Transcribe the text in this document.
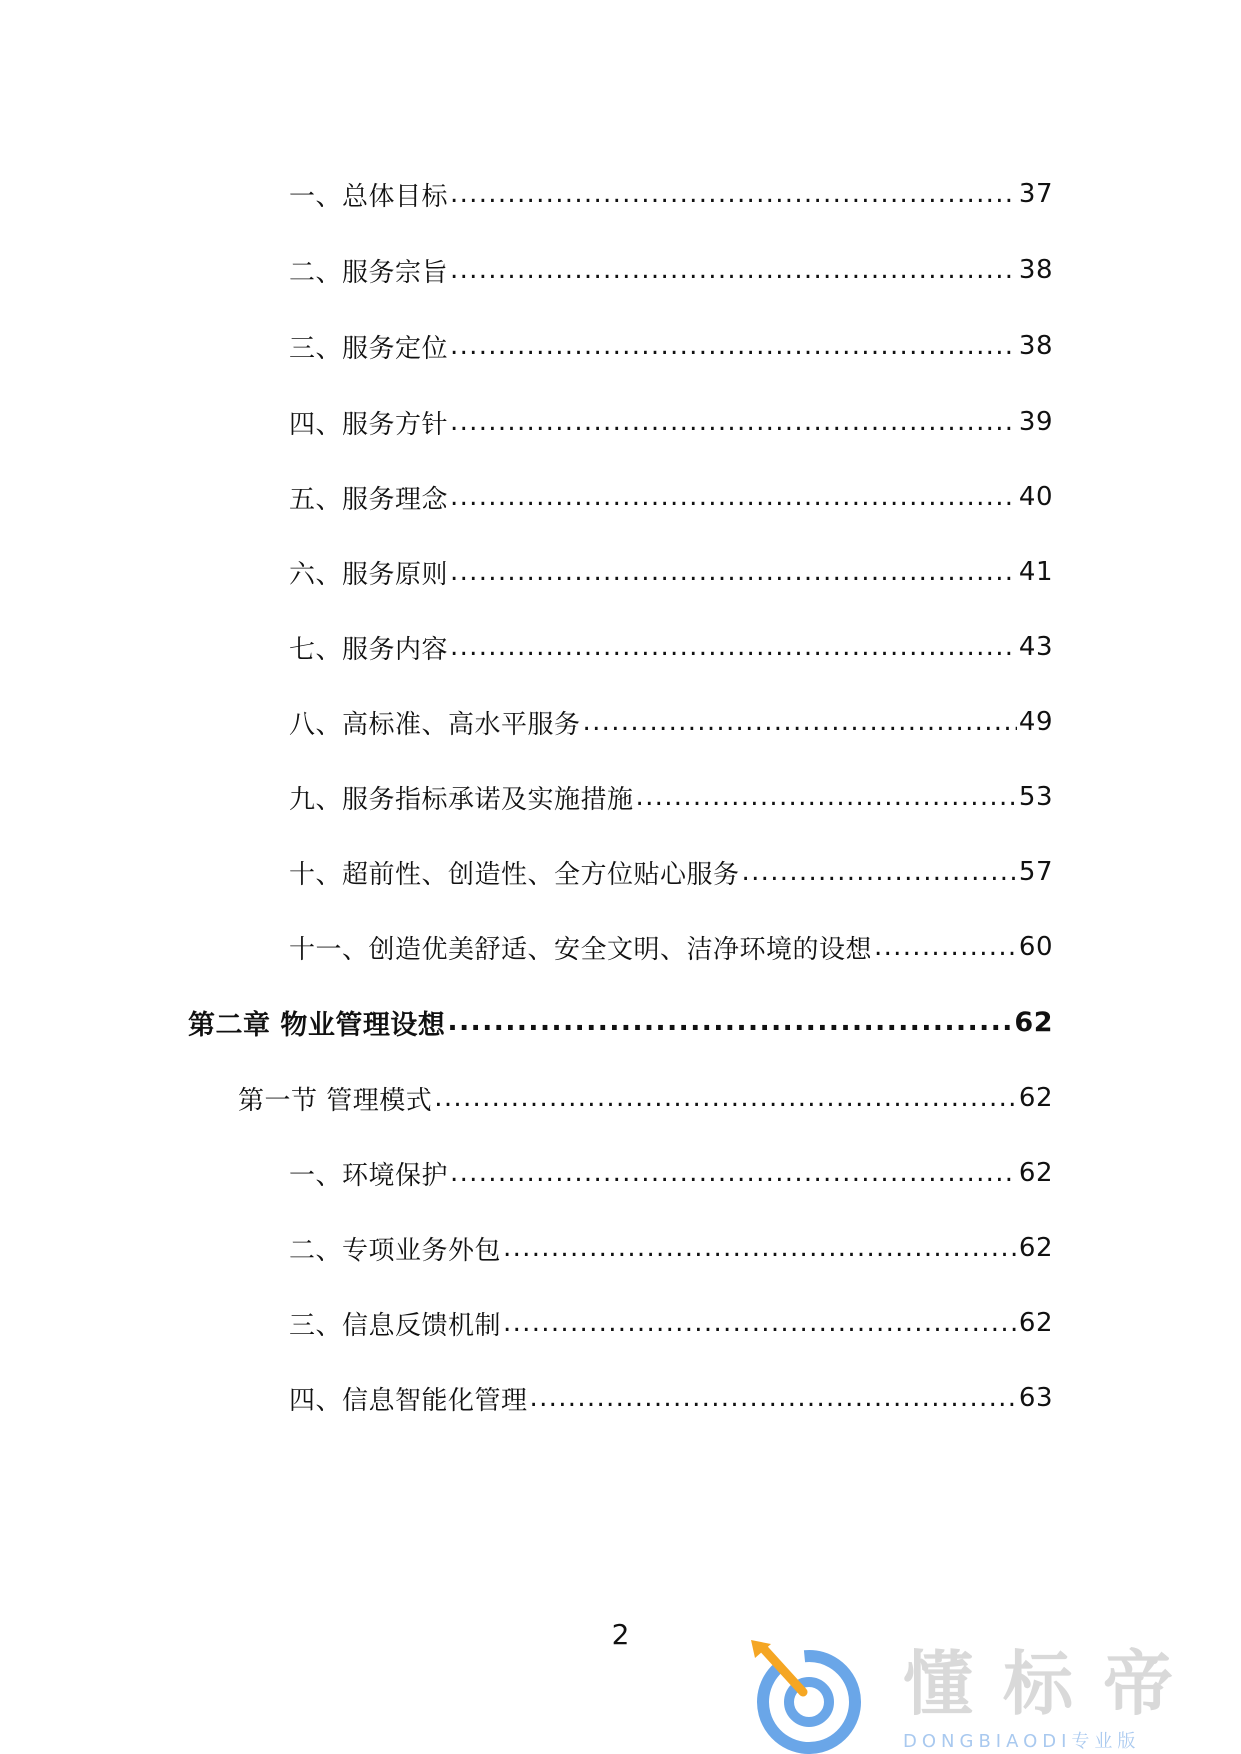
一、总体目标 .....	37
二、服务宗旨 .....	38
三、服务定位 .....	38
四、服务方针 .....	39
五、服务理念 .....	40
六、服务原则 .....	41
七、服务内容 .....	43
八、高标准、高水平服务 .....	49
九、服务指标承诺及实施措施 .....	53
十、超前性、创造性、全方位贴心服务 .....	57
十一、创造优美舒适、安全文明、洁净环境的设想 .....	60
第二章 物业管理设想 .....	62
第一节 管理模式 .....	62
一、环境保护 .....	62
二、专项业务外包 .....	62
三、信息反馈机制 .....	62
四、信息智能化管理 .....	63
2
懂标帝
DONGBIAODI专业版
